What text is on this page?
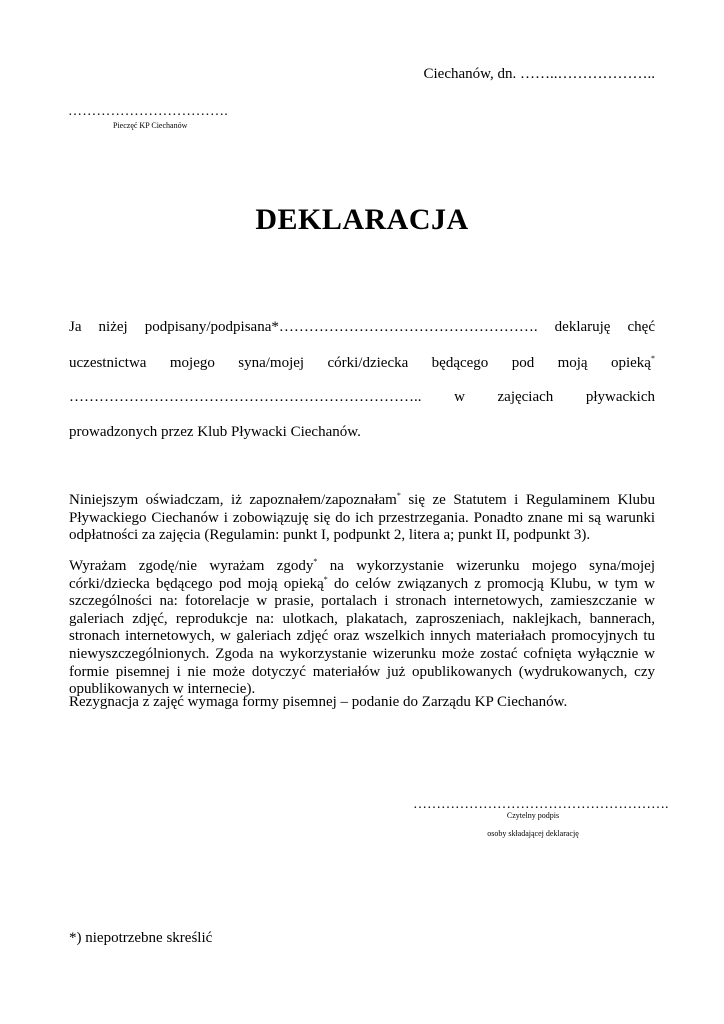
Ciechanów, dn. ……..………………..
…………………………….
Pieczęć KP Ciechanów
DEKLARACJA
Ja niżej podpisany/podpisana*……………………………………………. deklaruję chęć
uczestnictwa mojego syna/mojej córki/dziecka będącego pod moją opieką*
…………………………………………………………….. w zajęciach pływackich
prowadzonych przez Klub Pływacki Ciechanów.

Niniejszym oświadczam, iż zapoznałem/zapoznałam* się ze Statutem i Regulaminem Klubu Pływackiego Ciechanów i zobowiązuję się do ich przestrzegania. Ponadto znane mi są warunki odpłatności za zajęcia (Regulamin: punkt I, podpunkt 2, litera a; punkt II, podpunkt 3).

Wyrażam zgodę/nie wyrażam zgody* na wykorzystanie wizerunku mojego syna/mojej córki/dziecka będącego pod moją opieką* do celów związanych z promocją Klubu, w tym w szczególności na: fotorelacje w prasie, portalach i stronach internetowych, zamieszczanie w galeriach zdjęć, reprodukcje na: ulotkach, plakatach, zaproszeniach, naklejkach, bannerach, stronach internetowych, w galeriach zdjęć oraz wszelkich innych materiałach promocyjnych tu niewyszczególnionych. Zgoda na wykorzystanie wizerunku może zostać cofnięta wyłącznie w formie pisemnej i nie może dotyczyć materiałów już opublikowanych (wydrukowanych, czy opublikowanych w internecie).

Rezygnacja z zajęć wymaga formy pisemnej – podanie do Zarządu KP Ciechanów.

……………………………………………….
Czytelny podpis
osoby składającej deklarację
*) niepotrzebne skreślić
